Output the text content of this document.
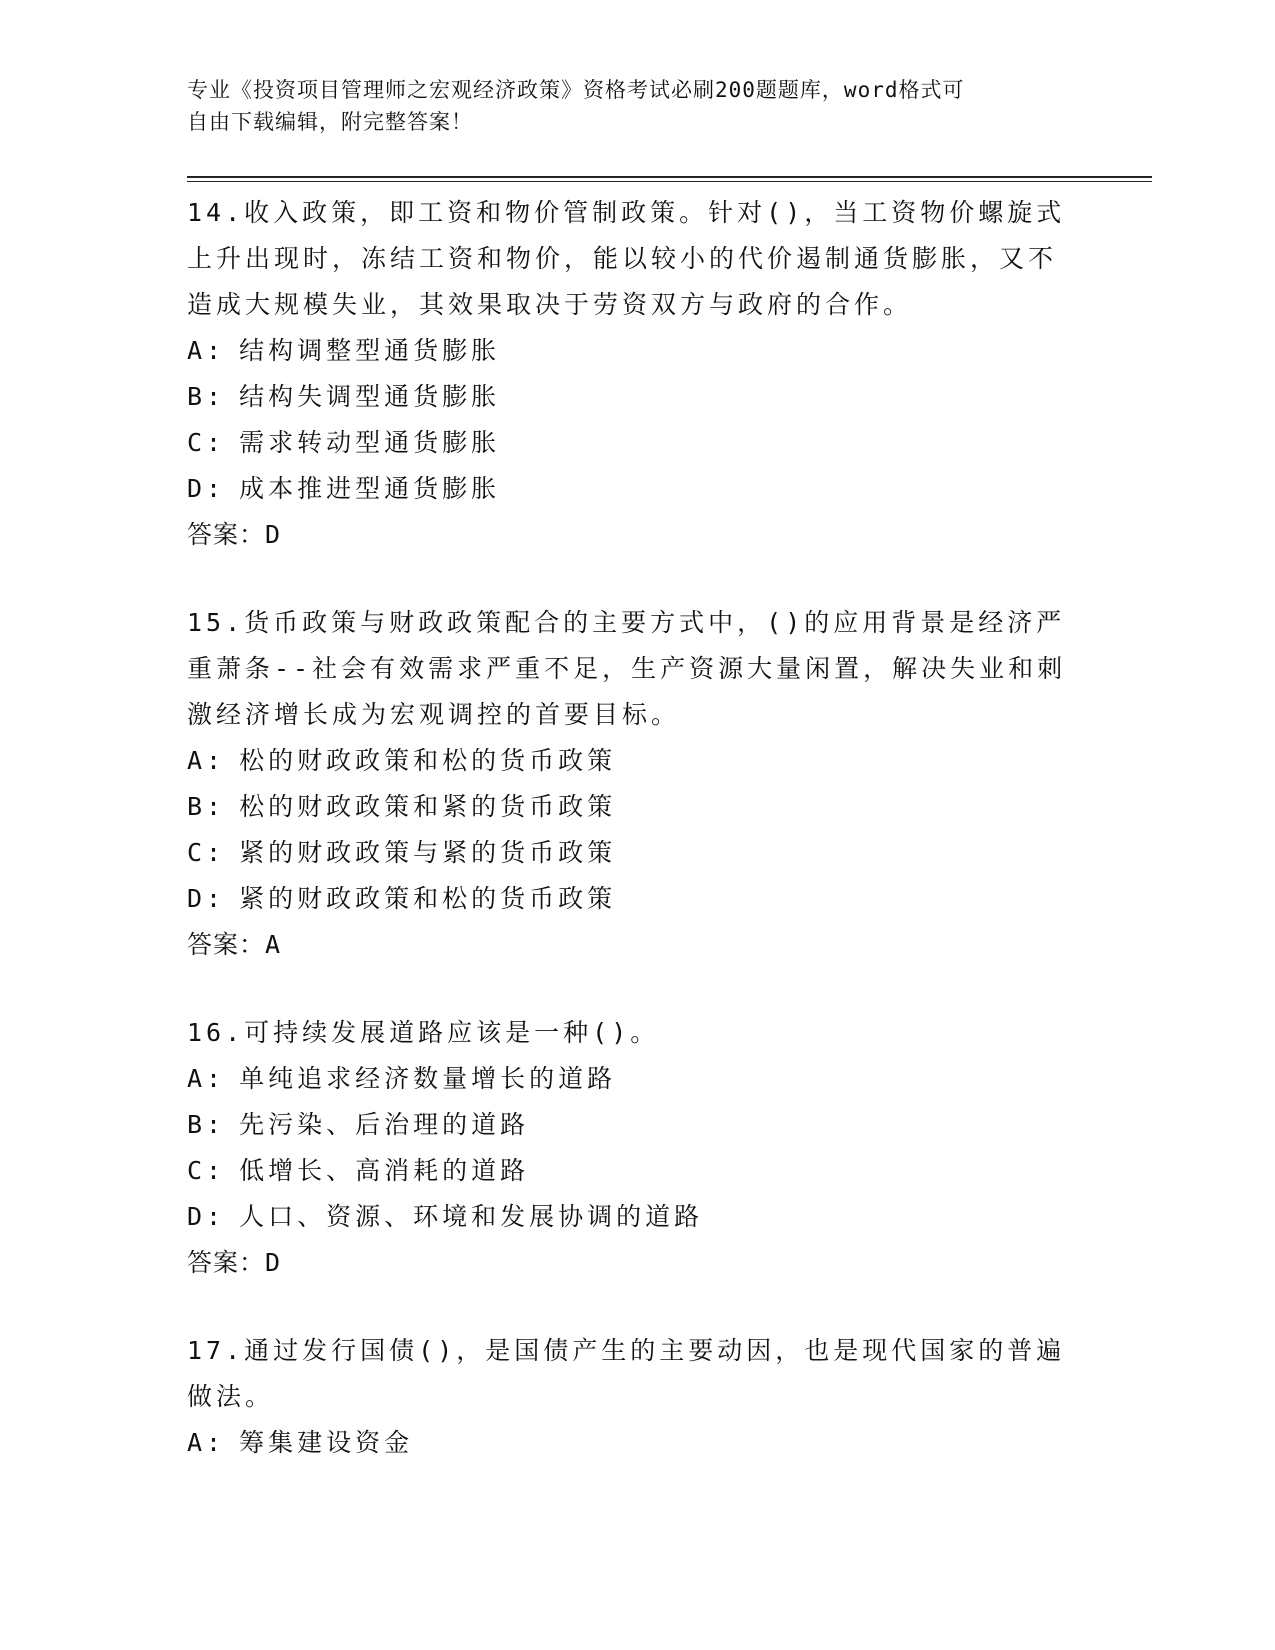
专业《投资项目管理师之宏观经济政策》资格考试必刷200题题库，word格式可
自由下载编辑，附完整答案！
14.收入政策，即工资和物价管制政策。针对()，当工资物价螺旋式上升出现时，冻结工资和物价，能以较小的代价遏制通货膨胀，又不造成大规模失业，其效果取决于劳资双方与政府的合作。
A: 结构调整型通货膨胀
B: 结构失调型通货膨胀
C: 需求转动型通货膨胀
D: 成本推进型通货膨胀
答案：D
15.货币政策与财政政策配合的主要方式中，()的应用背景是经济严重萧条--社会有效需求严重不足，生产资源大量闲置，解决失业和刺激经济增长成为宏观调控的首要目标。
A: 松的财政政策和松的货币政策
B: 松的财政政策和紧的货币政策
C: 紧的财政政策与紧的货币政策
D: 紧的财政政策和松的货币政策
答案：A
16.可持续发展道路应该是一种()。
A: 单纯追求经济数量增长的道路
B: 先污染、后治理的道路
C: 低增长、高消耗的道路
D: 人口、资源、环境和发展协调的道路
答案：D
17.通过发行国债()，是国债产生的主要动因，也是现代国家的普遍做法。
A: 筹集建设资金
